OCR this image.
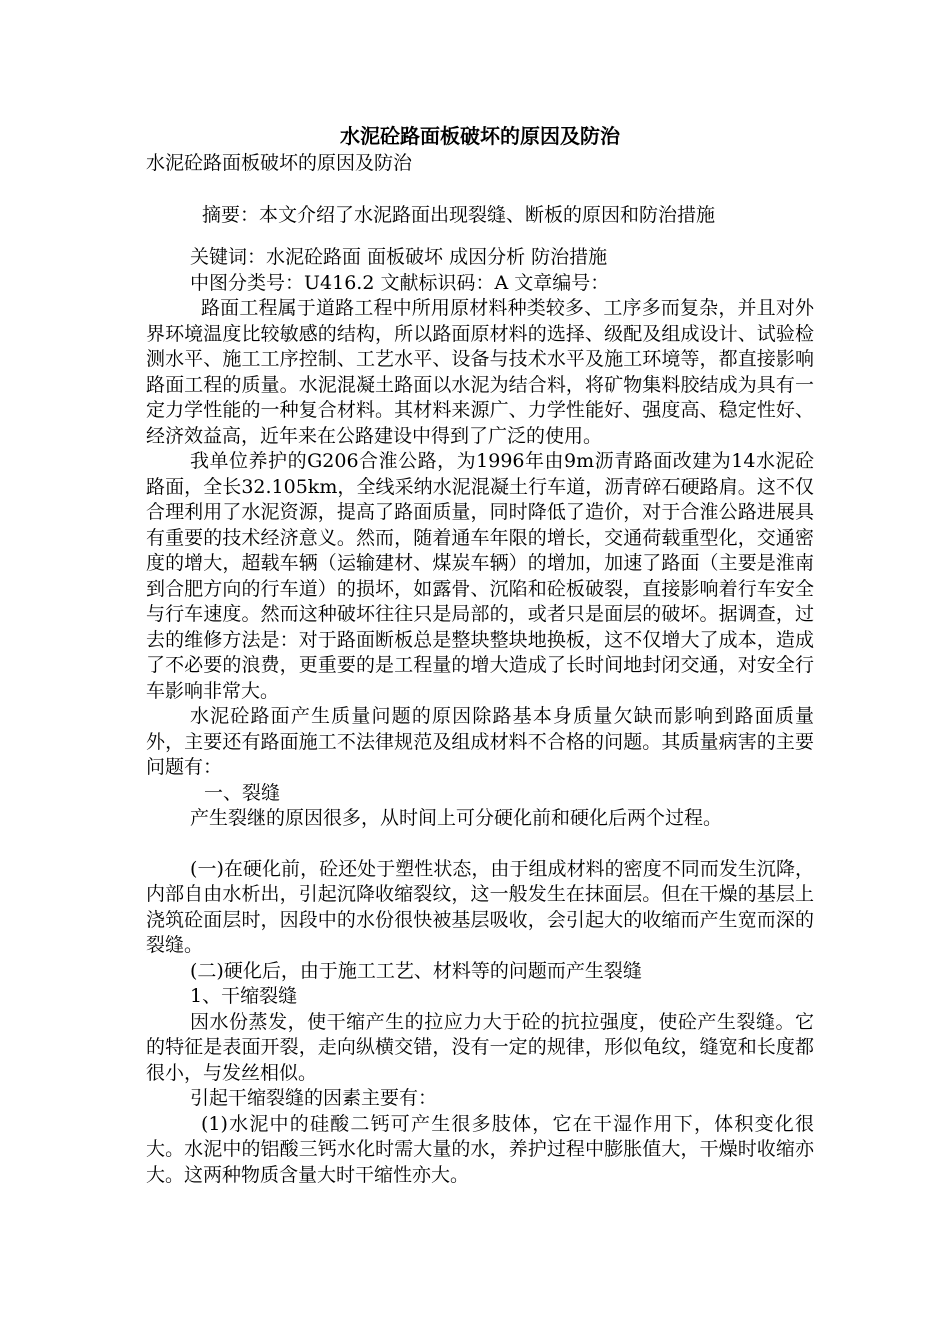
水泥砼路面板破坏的原因及防治
水泥砼路面板破坏的原因及防治
摘要：本文介绍了水泥路面出现裂缝、断板的原因和防治措施

关键词：水泥砼路面 面板破坏 成因分析 防治措施

中图分类号：U416.2 文献标识码：A 文章编号：

路面工程属于道路工程中所用原材料种类较多、工序多而复杂，并且对外界环境温度比较敏感的结构，所以路面原材料的选择、级配及组成设计、试验检测水平、施工工序控制、工艺水平、设备与技术水平及施工环境等，都直接影响路面工程的质量。水泥混凝土路面以水泥为结合料，将矿物集料胶结成为具有一定力学性能的一种复合材料。其材料来源广、力学性能好、强度高、稳定性好、经济效益高，近年来在公路建设中得到了广泛的使用。

我单位养护的G206合淮公路，为1996年由9m沥青路面改建为14水泥砼路面，全长32.105km，全线采纳水泥混凝土行车道，沥青碎石硬路肩。这不仅合理利用了水泥资源，提高了路面质量，同时降低了造价，对于合淮公路进展具有重要的技术经济意义。然而，随着通车年限的增长，交通荷载重型化，交通密度的增大，超载车辆（运输建材、煤炭车辆）的增加，加速了路面（主要是淮南到合肥方向的行车道）的损坏，如露骨、沉陷和砼板破裂，直接影响着行车安全与行车速度。然而这种破坏往往只是局部的，或者只是面层的破坏。据调查，过去的维修方法是：对于路面断板总是整块整块地换板，这不仅增大了成本，造成了不必要的浪费，更重要的是工程量的增大造成了长时间地封闭交通，对安全行车影响非常大。

水泥砼路面产生质量问题的原因除路基本身质量欠缺而影响到路面质量外，主要还有路面施工不法律规范及组成材料不合格的问题。其质量病害的主要问题有：

一、裂缝

产生裂继的原因很多，从时间上可分硬化前和硬化后两个过程。

(一)在硬化前，砼还处于塑性状态，由于组成材料的密度不同而发生沉降，内部自由水析出，引起沉降收缩裂纹，这一般发生在抹面层。但在干燥的基层上浇筑砼面层时，因段中的水份很快被基层吸收，会引起大的收缩而产生宽而深的裂缝。

(二)硬化后，由于施工工艺、材料等的问题而产生裂缝

1、干缩裂缝

因水份蒸发，使干缩产生的拉应力大于砼的抗拉强度，使砼产生裂缝。它的特征是表面开裂，走向纵横交错，没有一定的规律，形似龟纹，缝宽和长度都很小，与发丝相似。

引起干缩裂缝的因素主要有：

(1)水泥中的硅酸二钙可产生很多肢体，它在干湿作用下，体积变化很大。水泥中的铝酸三钙水化时需大量的水，养护过程中膨胀值大，干燥时收缩亦大。这两种物质含量大时干缩性亦大。
